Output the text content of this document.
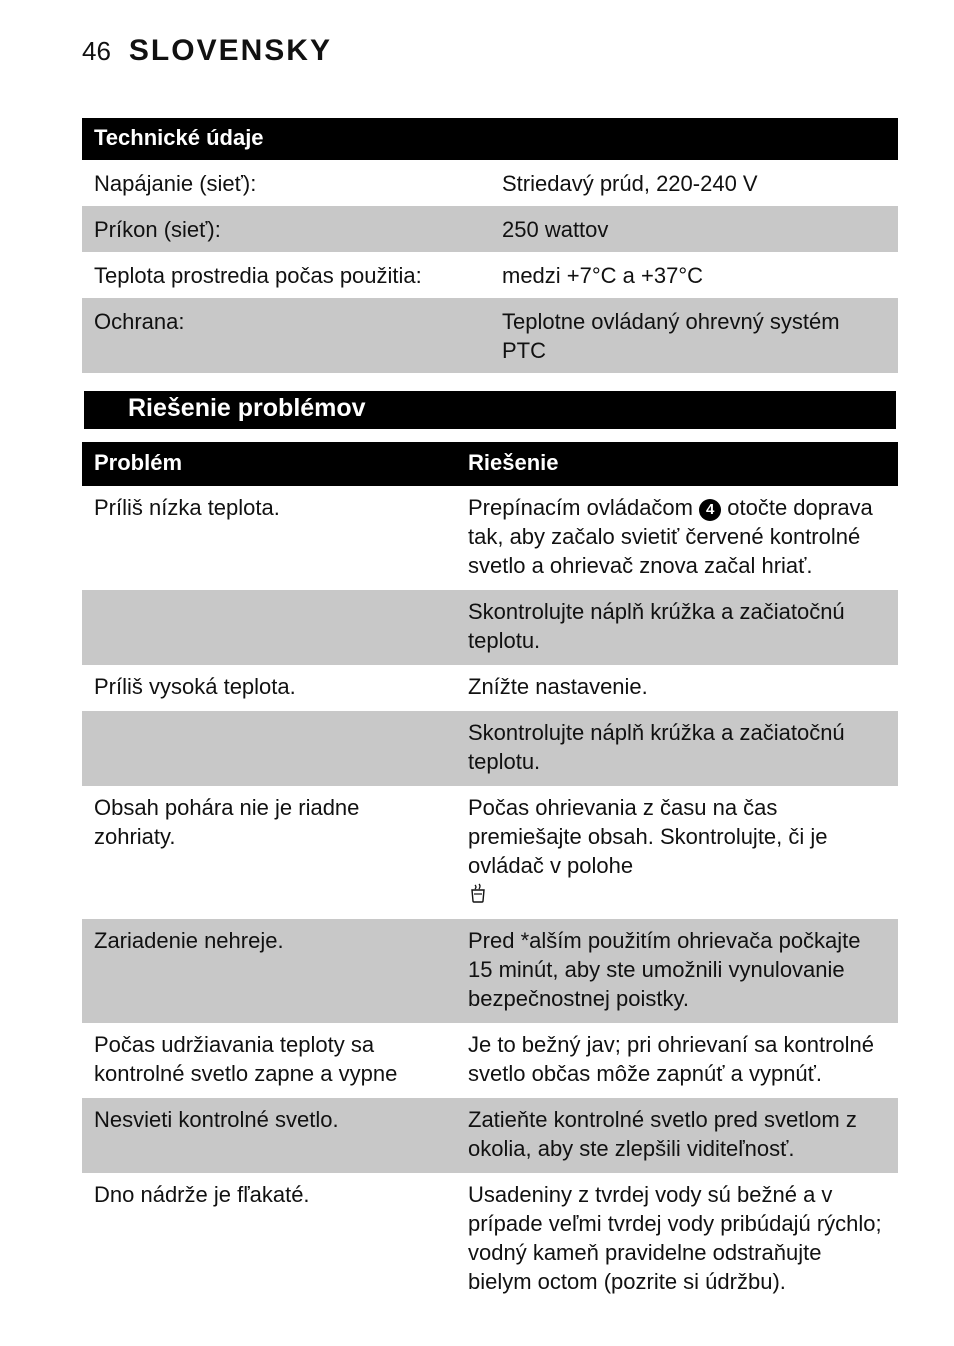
46 SLOVENSKY
Technické údaje	
Napájanie (sieť):	Striedavý prúd, 220-240 V
Príkon (sieť):	250 wattov
Teplota prostredia počas použitia:	medzi +7°C a +37°C
Ochrana:	Teplotne ovládaný ohrevný systém PTC
Riešenie problémov
Problém	Riešenie
Príliš nízka teplota.	Prepínacím ovládačom 4 otočte doprava tak, aby začalo svietiť červené kontrolné svetlo a ohrievač znova začal hriať.
	Skontrolujte náplň krúžka a začiatočnú teplotu.
Príliš vysoká teplota.	Znížte nastavenie.
	Skontrolujte náplň krúžka a začiatočnú teplotu.
Obsah pohára nie je riadne zohriaty.	Počas ohrievania z času na čas premiešajte obsah. Skontrolujte, či je ovládač v polohe

Zariadenie nehreje.	Pred *alším použitím ohrievača počkajte 15 minút, aby ste umožnili vynulovanie bezpečnostnej poistky.
Počas udržiavania teploty sa kontrolné svetlo zapne a vypne	Je to bežný jav; pri ohrievaní sa kontrolné svetlo občas môže zapnúť a vypnúť.
Nesvieti kontrolné svetlo.	Zatieňte kontrolné svetlo pred svetlom z okolia, aby ste zlepšili viditeľnosť.
Dno nádrže je fľakaté.	Usadeniny z tvrdej vody sú bežné a v prípade veľmi tvrdej vody pribúdajú rýchlo; vodný kameň pravidelne odstraňujte bielym octom (pozrite si údržbu).
